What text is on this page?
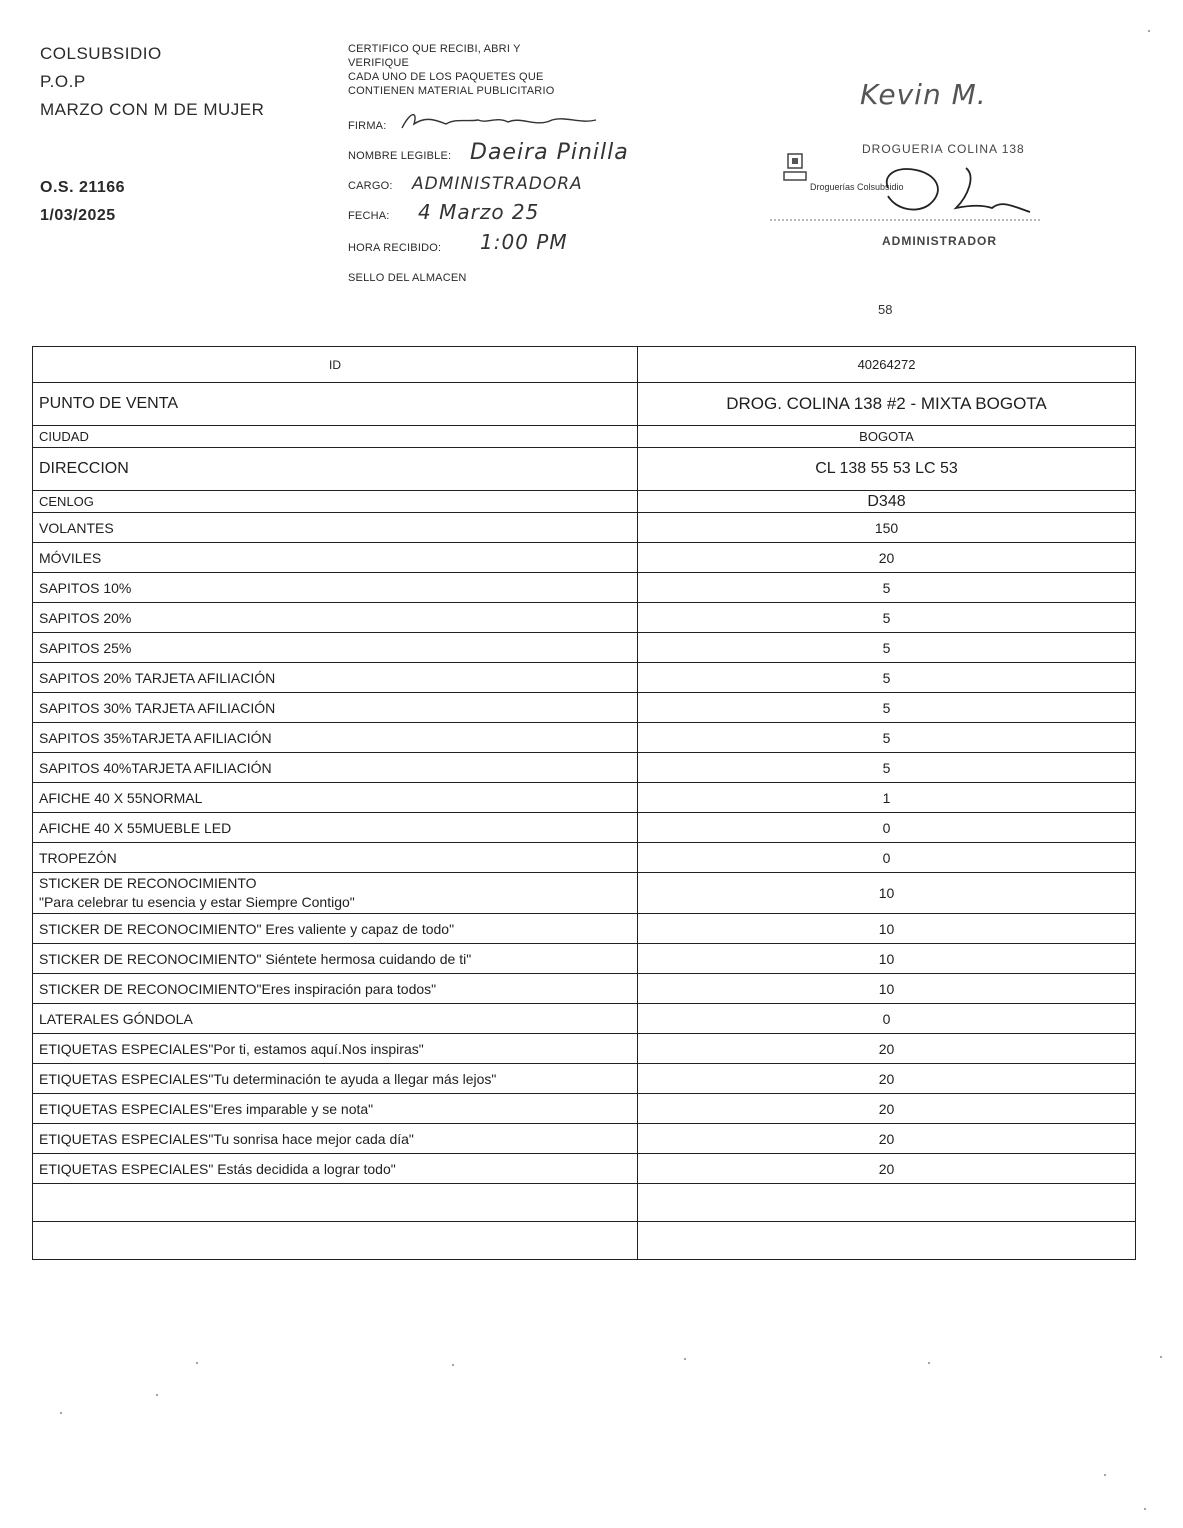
COLSUBSIDIO
P.O.P
MARZO CON M DE MUJER
O.S. 21166
1/03/2025
CERTIFICO QUE RECIBI, ABRI Y
VERIFIQUE
CADA UNO DE LOS PAQUETES QUE
CONTIENEN MATERIAL PUBLICITARIO
FIRMA:
NOMBRE LEGIBLE: Daeira Pinilla
CARGO: ADMINISTRADORA
FECHA: 4 Marzo 25
HORA RECIBIDO: 1:00 PM
SELLO DEL ALMACEN
Kevin M.
DROGUERIA COLINA 138
Droguerías Colsubsidio
ADMINISTRADOR
58
ID	40264272
PUNTO DE VENTA	DROG. COLINA 138 #2 - MIXTA BOGOTA
CIUDAD	BOGOTA
DIRECCION	CL 138 55 53 LC 53
CENLOG	D348
VOLANTES	150
MÓVILES	20
SAPITOS 10%	5
SAPITOS 20%	5
SAPITOS 25%	5
SAPITOS 20% TARJETA AFILIACIÓN	5
SAPITOS 30% TARJETA AFILIACIÓN	5
SAPITOS 35%TARJETA AFILIACIÓN	5
SAPITOS 40%TARJETA AFILIACIÓN	5
AFICHE 40 X 55NORMAL	1
AFICHE 40 X 55MUEBLE LED	0
TROPEZÓN	0
STICKER DE RECONOCIMIENTO
"Para celebrar tu esencia y estar Siempre Contigo"	10
STICKER DE RECONOCIMIENTO" Eres valiente y capaz de todo"	10
STICKER DE RECONOCIMIENTO" Siéntete hermosa cuidando de ti"	10
STICKER DE RECONOCIMIENTO"Eres inspiración para todos"	10
LATERALES GÓNDOLA	0
ETIQUETAS ESPECIALES"Por ti, estamos aquí.Nos inspiras"	20
ETIQUETAS ESPECIALES"Tu determinación te ayuda a llegar más lejos"	20
ETIQUETAS ESPECIALES"Eres imparable y se nota"	20
ETIQUETAS ESPECIALES"Tu sonrisa hace mejor cada día"	20
ETIQUETAS ESPECIALES" Estás decidida a lograr todo"	20
